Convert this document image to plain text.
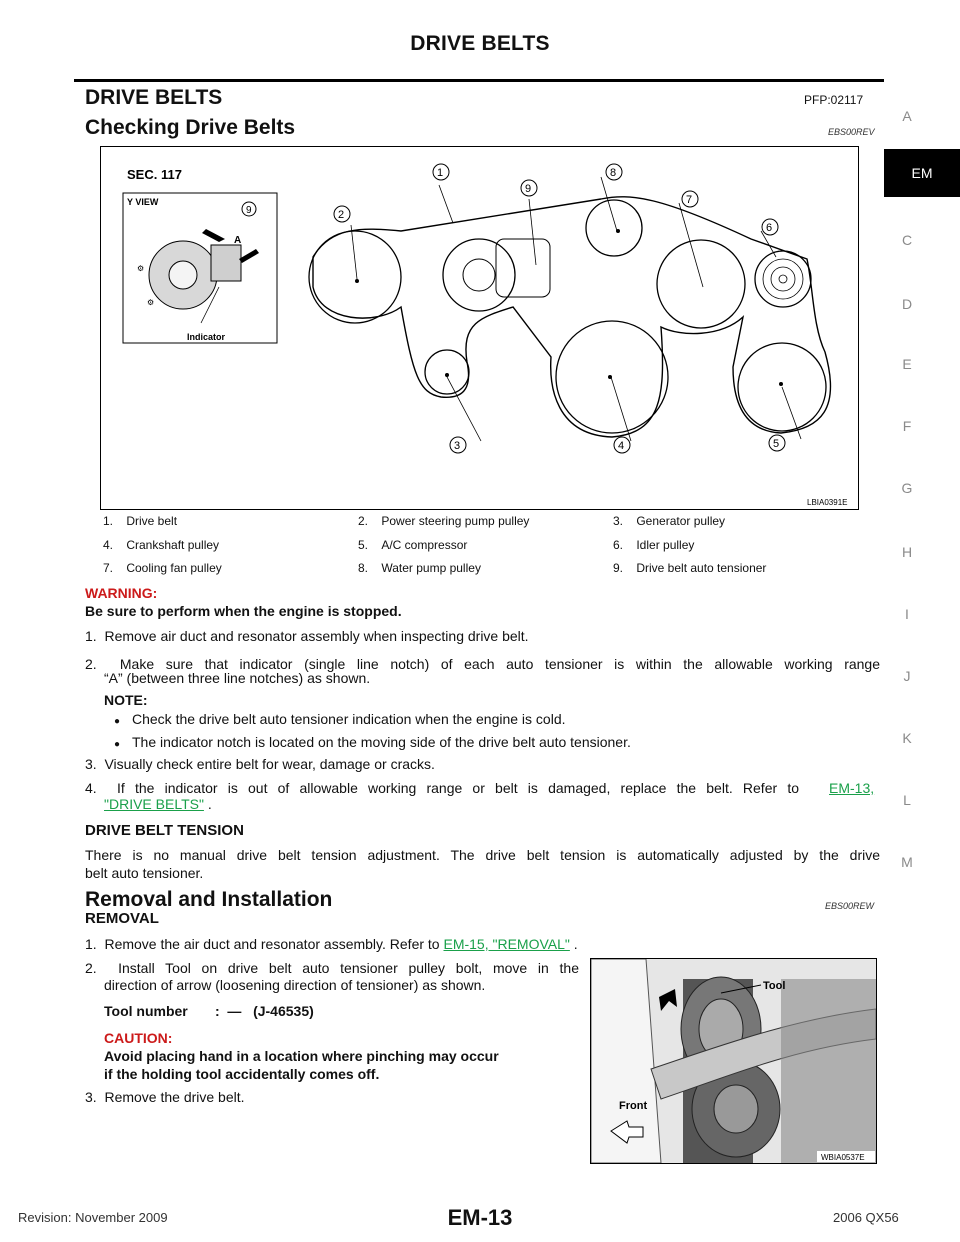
DRIVE BELTS
DRIVE BELTS	PFP:02117
Checking Drive Belts	EBS00REV
A
EM
C
D
E
F
G
H
I
J
K
L
M
SEC. 117
Y VIEW
A
⚙
⚙
Indicator
9
1
2
3	4	5
6
7
8
9
LBIA0391E
1.    Drive belt	2.    Power steering pump pulley	3.    Generator pulley
4.    Crankshaft pulley	5.    A/C compressor	6.    Idler pulley
7.    Cooling fan pulley	8.    Water pump pulley	9.    Drive belt auto tensioner
WARNING:
Be sure to perform when the engine is stopped.
1.  Remove air duct and resonator assembly when inspecting drive belt.
2.  Make sure that indicator (single line notch) of each auto tensioner is within the allowable working range
“A” (between three line notches) as shown.
NOTE:
● Check the drive belt auto tensioner indication when the engine is cold.
● The indicator notch is located on the moving side of the drive belt auto tensioner.
3.  Visually check entire belt for wear, damage or cracks.
4.  If the indicator is out of allowable working range or belt is damaged, replace the belt. Refer to EM-13,
"DRIVE BELTS" .
DRIVE BELT TENSION
There is no manual drive belt tension adjustment. The drive belt tension is automatically adjusted by the drive
belt auto tensioner.
Removal and Installation	EBS00REW
REMOVAL
1.  Remove the air duct and resonator assembly. Refer to EM-15, "REMOVAL" .
2.  Install Tool on drive belt auto tensioner pulley bolt, move in the
direction of arrow (loosening direction of tensioner) as shown.
Tool number       :  —   (J-46535)
CAUTION:
Avoid placing hand in a location where pinching may occur
if the holding tool accidentally comes off.
3.  Remove the drive belt.
Tool
Front
WBIA0537E
Revision: November 2009	EM-13	2006 QX56
